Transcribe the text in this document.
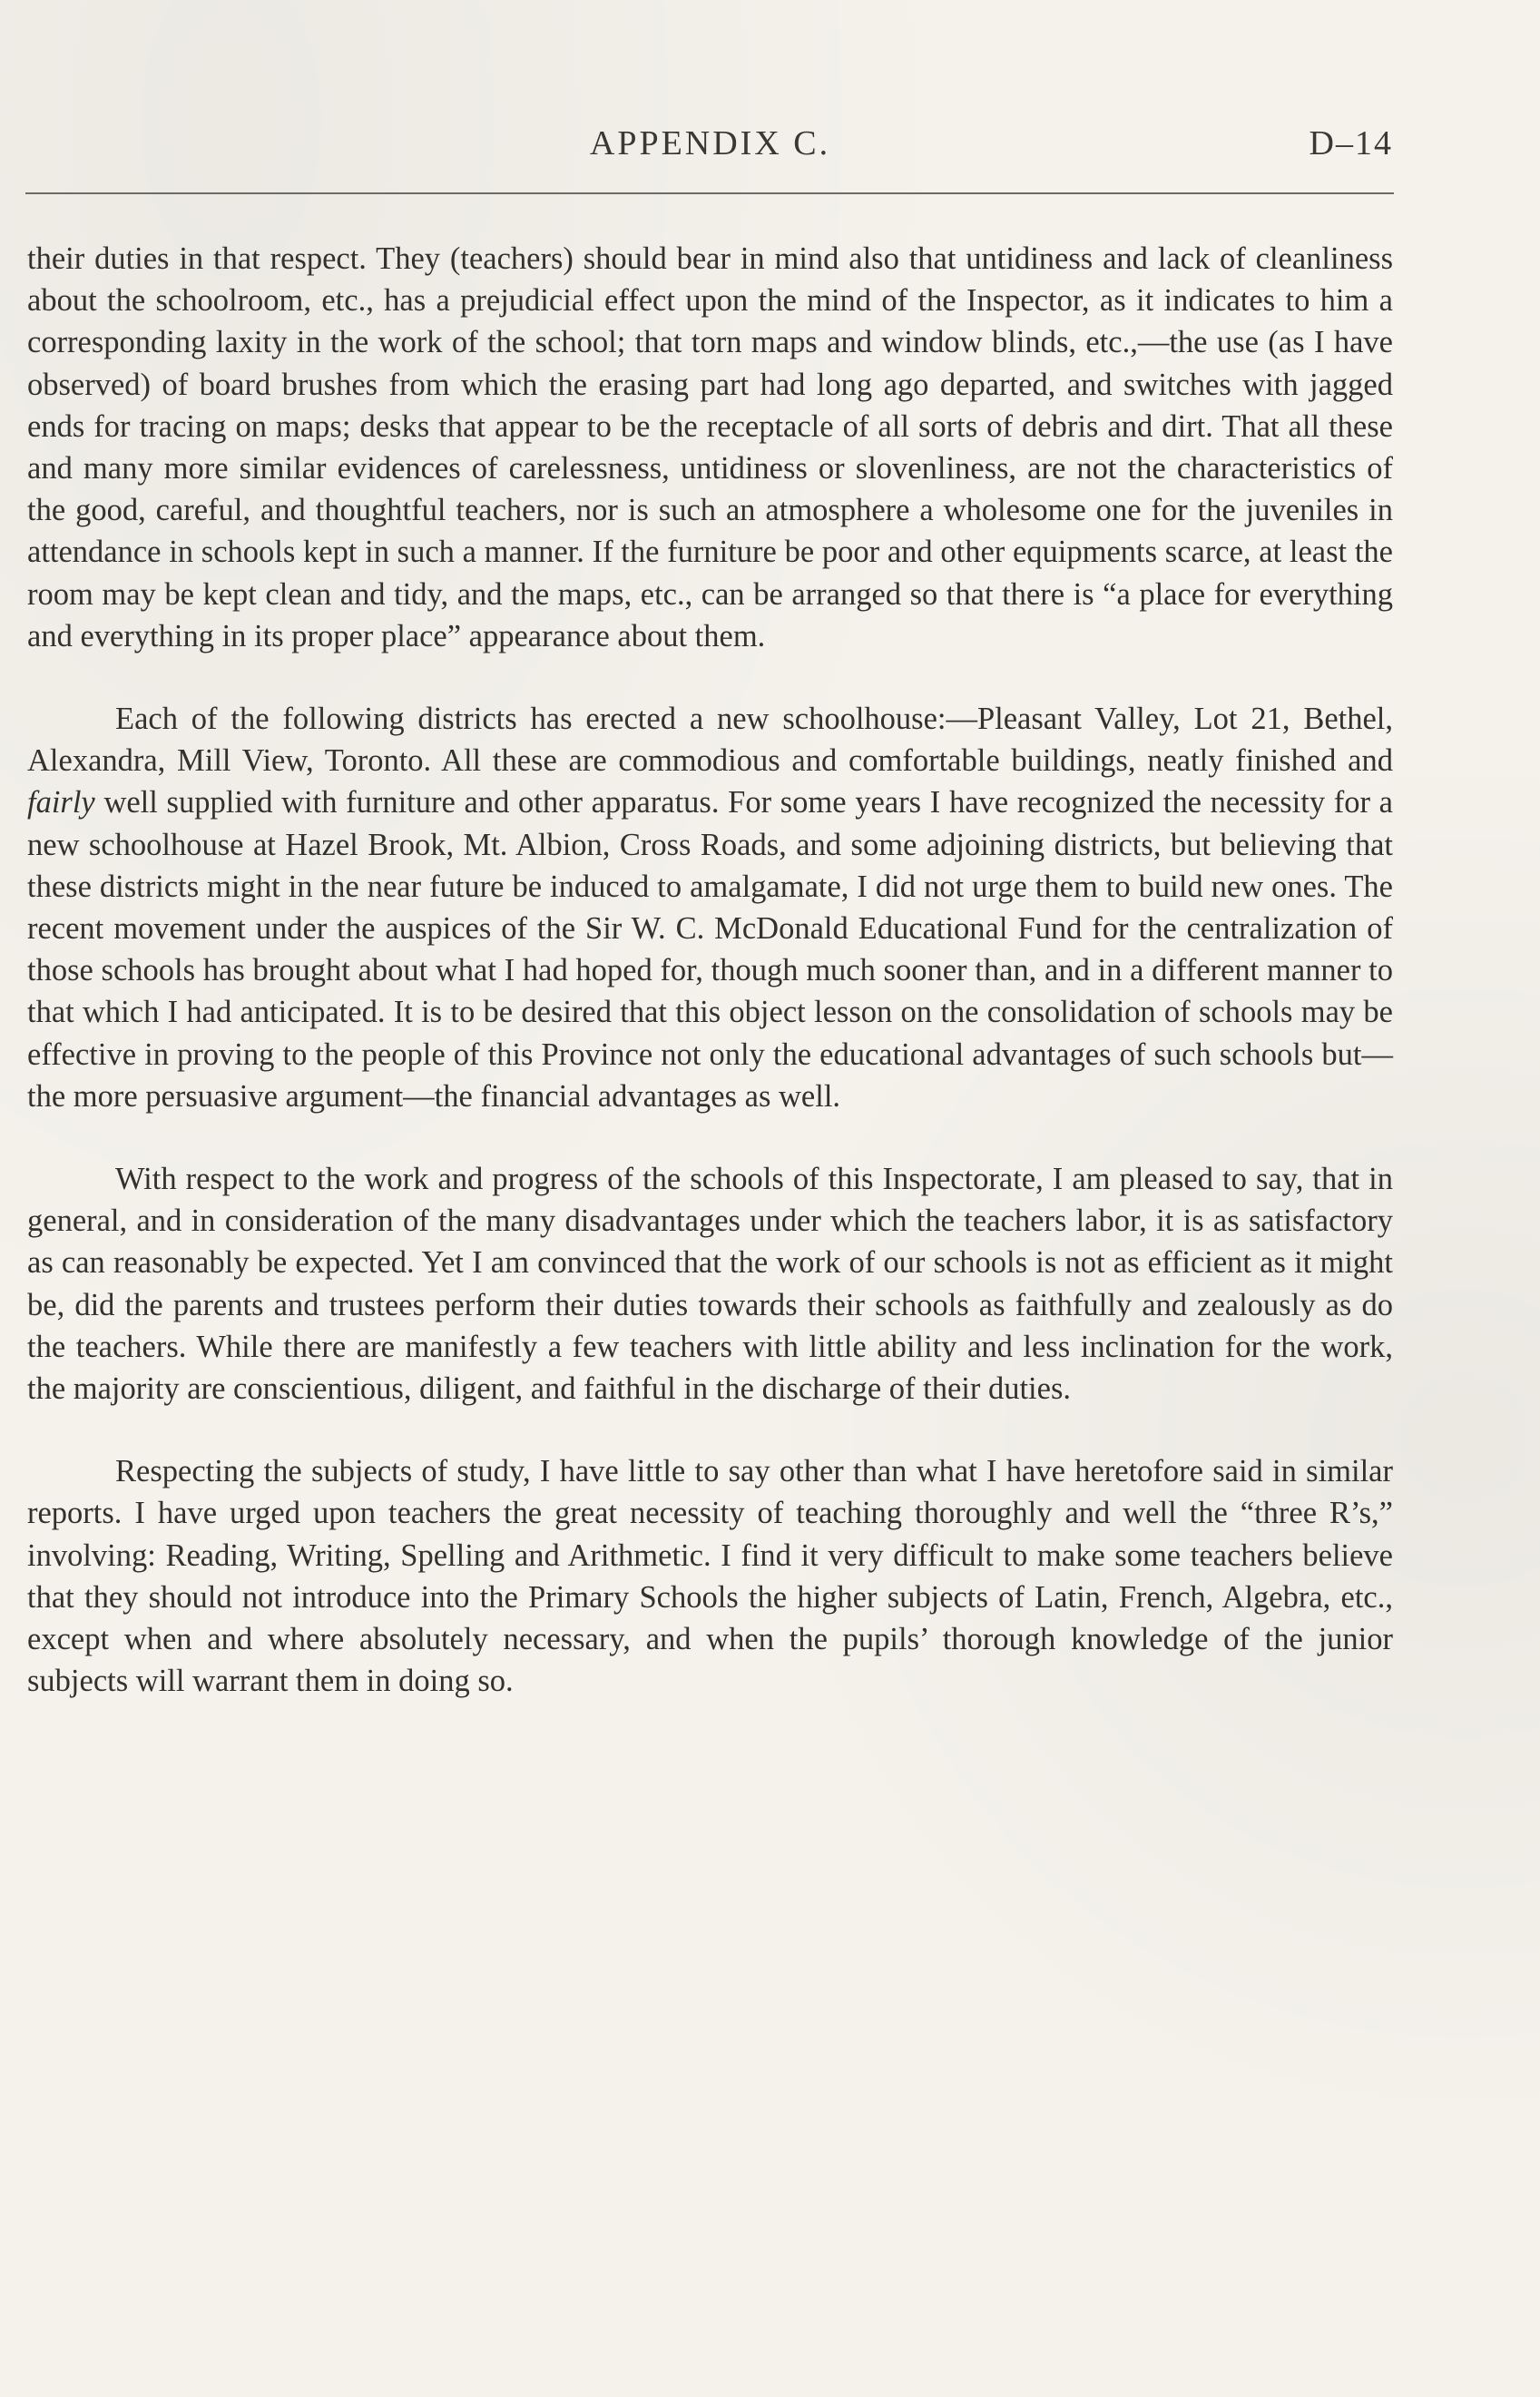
APPENDIX C.	D–14

their duties in that respect. They (teachers) should bear in mind also that untidiness and lack of cleanliness about the schoolroom, etc., has a prejudicial effect upon the mind of the Inspector, as it indicates to him a corresponding laxity in the work of the school; that torn maps and window blinds, etc.,—the use (as I have observed) of board brushes from which the erasing part had long ago departed, and switches with jagged ends for tracing on maps; desks that appear to be the receptacle of all sorts of debris and dirt. That all these and many more similar evidences of carelessness, untidiness or slovenliness, are not the characteristics of the good, careful, and thoughtful teachers, nor is such an atmosphere a wholesome one for the juveniles in attendance in schools kept in such a manner. If the furniture be poor and other equipments scarce, at least the room may be kept clean and tidy, and the maps, etc., can be arranged so that there is “a place for everything and everything in its proper place” appearance about them.

Each of the following districts has erected a new schoolhouse:—Pleasant Valley, Lot 21, Bethel, Alexandra, Mill View, Toronto. All these are commodious and comfortable buildings, neatly finished and fairly well supplied with furniture and other apparatus. For some years I have recognized the necessity for a new schoolhouse at Hazel Brook, Mt. Albion, Cross Roads, and some adjoining districts, but believing that these districts might in the near future be induced to amalgamate, I did not urge them to build new ones. The recent movement under the auspices of the Sir W. C. McDonald Educational Fund for the centralization of those schools has brought about what I had hoped for, though much sooner than, and in a different manner to that which I had anticipated. It is to be desired that this object lesson on the consolidation of schools may be effective in proving to the people of this Province not only the educational advantages of such schools but—the more persuasive argument—the financial advantages as well.

With respect to the work and progress of the schools of this Inspectorate, I am pleased to say, that in general, and in consideration of the many disadvantages under which the teachers labor, it is as satisfactory as can reasonably be expected. Yet I am convinced that the work of our schools is not as efficient as it might be, did the parents and trustees perform their duties towards their schools as faithfully and zealously as do the teachers. While there are manifestly a few teachers with little ability and less inclination for the work, the majority are conscientious, diligent, and faithful in the discharge of their duties.

Respecting the subjects of study, I have little to say other than what I have heretofore said in similar reports. I have urged upon teachers the great necessity of teaching thoroughly and well the “three R’s,” involving: Reading, Writing, Spelling and Arithmetic. I find it very difficult to make some teachers believe that they should not introduce into the Primary Schools the higher subjects of Latin, French, Algebra, etc., except when and where absolutely necessary, and when the pupils’ thorough knowledge of the junior subjects will warrant them in doing so.
